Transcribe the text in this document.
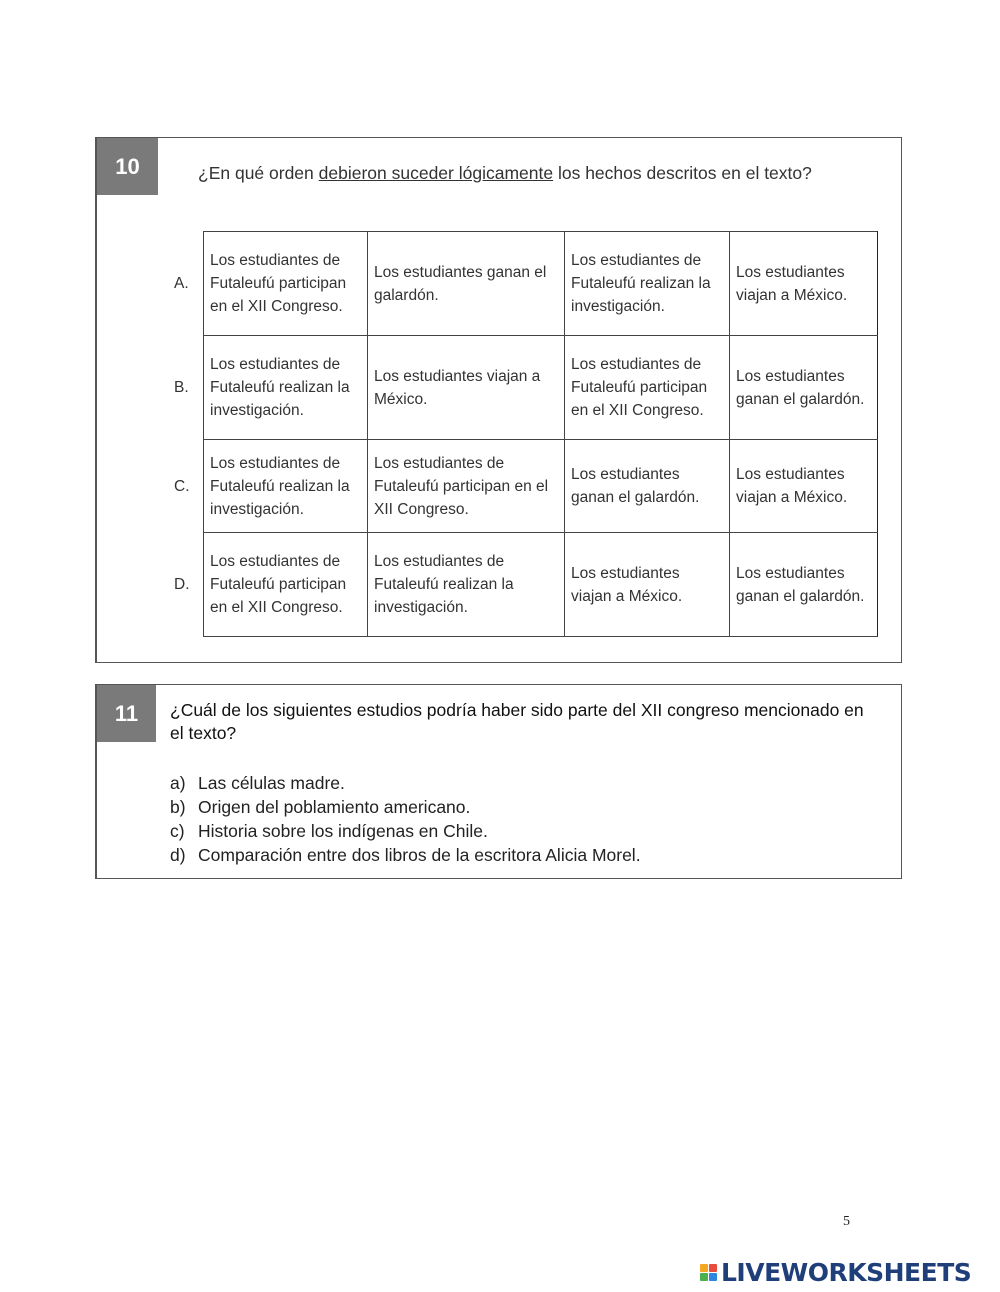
10	¿En qué orden debieron suceder lógicamente los hechos descritos en el texto?
A.	Los estudiantes de Futaleufú participan en el XII Congreso.	Los estudiantes ganan el galardón.	Los estudiantes de Futaleufú realizan la investigación.	Los estudiantes viajan a México.
B.	Los estudiantes de Futaleufú realizan la investigación.	Los estudiantes viajan a México.	Los estudiantes de Futaleufú participan en el XII Congreso.	Los estudiantes ganan el galardón.
C.	Los estudiantes de Futaleufú realizan la investigación.	Los estudiantes de Futaleufú participan en el XII Congreso.	Los estudiantes ganan el galardón.	Los estudiantes viajan a México.
D.	Los estudiantes de Futaleufú participan en el XII Congreso.	Los estudiantes de Futaleufú realizan la investigación.	Los estudiantes viajan a México.	Los estudiantes ganan el galardón.
11	¿Cuál de los siguientes estudios podría haber sido parte del XII congreso mencionado en el texto?
a) Las células madre.
b) Origen del poblamiento americano.
c) Historia sobre los indígenas en Chile.
d) Comparación entre dos libros de la escritora Alicia Morel.
5
LIVEWORKSHEETS
